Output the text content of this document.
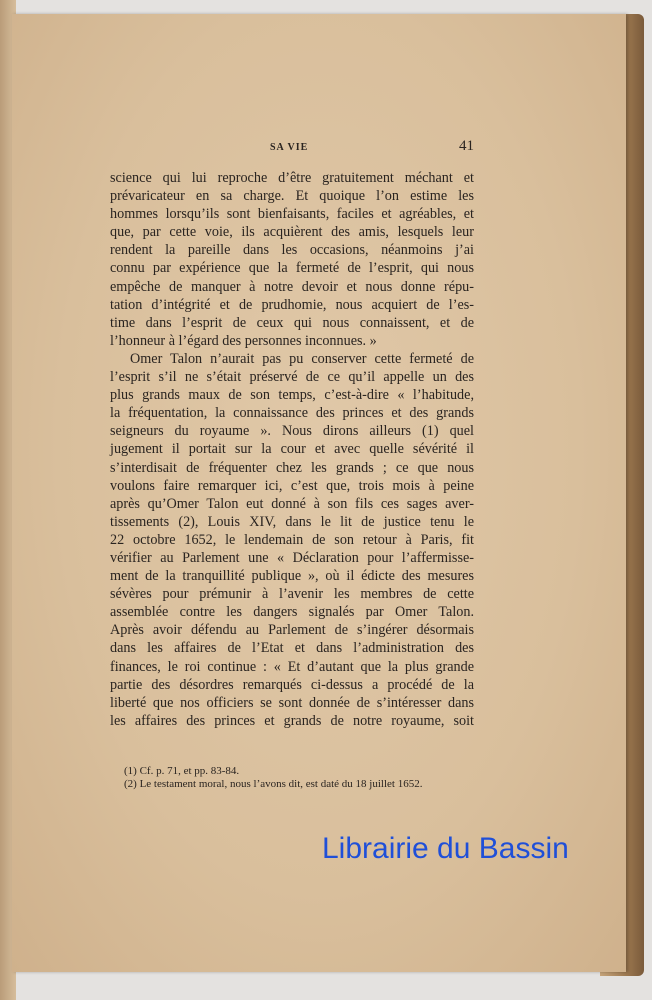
SA VIE	41
science qui lui reproche d’être gratuitement méchant et
prévaricateur en sa charge. Et quoique l’on estime les
hommes lorsqu’ils sont bienfaisants, faciles et agréables, et
que, par cette voie, ils acquièrent des amis, lesquels leur
rendent la pareille dans les occasions, néanmoins j’ai
connu par expérience que la fermeté de l’esprit, qui nous
empêche de manquer à notre devoir et nous donne répu-
tation d’intégrité et de prudhomie, nous acquiert de l’es-
time dans l’esprit de ceux qui nous connaissent, et de
l’honneur à l’égard des personnes inconnues. »
Omer Talon n’aurait pas pu conserver cette fermeté de
l’esprit s’il ne s’était préservé de ce qu’il appelle un des
plus grands maux de son temps, c’est-à-dire « l’habitude,
la fréquentation, la connaissance des princes et des grands
seigneurs du royaume ». Nous dirons ailleurs (1) quel
jugement il portait sur la cour et avec quelle sévérité il
s’interdisait de fréquenter chez les grands ; ce que nous
voulons faire remarquer ici, c’est que, trois mois à peine
après qu’Omer Talon eut donné à son fils ces sages aver-
tissements (2), Louis XIV, dans le lit de justice tenu le
22 octobre 1652, le lendemain de son retour à Paris, fit
vérifier au Parlement une « Déclaration pour l’affermisse-
ment de la tranquillité publique », où il édicte des mesures
sévères pour prémunir à l’avenir les membres de cette
assemblée contre les dangers signalés par Omer Talon.
Après avoir défendu au Parlement de s’ingérer désormais
dans les affaires de l’Etat et dans l’administration des
finances, le roi continue : « Et d’autant que la plus grande
partie des désordres remarqués ci-dessus a procédé de la
liberté que nos officiers se sont donnée de s’intéresser dans
les affaires des princes et grands de notre royaume, soit
(1) Cf. p. 71, et pp. 83-84.
(2) Le testament moral, nous l’avons dit, est daté du 18 juillet 1652.
Librairie du Bassin
